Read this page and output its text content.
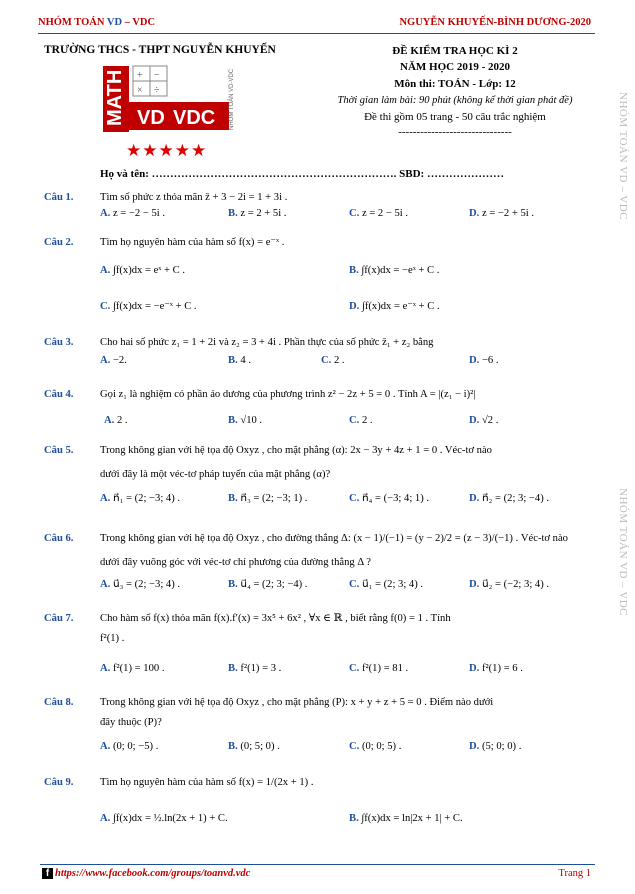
NHÓM TOÁN VD – VDC	NGUYỄN KHUYẾN-BÌNH DƯƠNG-2020
TRƯỜNG THCS - THPT NGUYỄN KHUYẾN
MATH + −
× ÷
VD VDC NHÓM TOÁN VD-VDC
★★★★★
ĐỀ KIỂM TRA HỌC KÌ 2
NĂM HỌC 2019 - 2020
Môn thi: TOÁN - Lớp: 12
Thời gian làm bài: 90 phút (không kể thời gian phát đề)
Đề thi gồm 05 trang - 50 câu trắc nghiệm
-------------------------------
Họ và tên: …………………………………………………………. SBD: …………………	NHÓM TOÁN VD – VDC
NHÓM TOÁN VD – VDC
Câu 1.	Tìm số phức z thỏa mãn z̄ + 3 − 2i = 1 + 3i .
A. z = −2 − 5i .	B. z = 2 + 5i .	C. z = 2 − 5i .	D. z = −2 + 5i .
Câu 2.	Tìm họ nguyên hàm của hàm số f(x) = e⁻ˣ .
A. ∫f(x)dx = eˣ + C .	B. ∫f(x)dx = −eˣ + C .
C. ∫f(x)dx = −e⁻ˣ + C .	D. ∫f(x)dx = e⁻ˣ + C .
Câu 3.	Cho hai số phức z₁ = 1 + 2i và z₂ = 3 + 4i . Phần thực của số phức z̄₁ + z₂ bằng
A. −2.	B. 4 .	C. 2 .	D. −6 .
Câu 4.	Gọi z₁ là nghiệm có phần ảo dương của phương trình z² − 2z + 5 = 0 . Tính A = |(z₁ − i)²|
A. 2 .	B. √10 .	C. 2 .	D. √2 .
Câu 5.	Trong không gian với hệ tọa độ Oxyz , cho mặt phẳng (α): 2x − 3y + 4z + 1 = 0 . Véc-tơ nào
dưới đây là một véc-tơ pháp tuyến của mặt phẳng (α)?
A. n⃗₁ = (2; −3; 4) .	B. n⃗₃ = (2; −3; 1) .	C. n⃗₄ = (−3; 4; 1) .	D. n⃗₂ = (2; 3; −4) .
Câu 6.	Trong không gian với hệ tọa độ Oxyz , cho đường thẳng Δ: (x − 1)/(−1) = (y − 2)/2 = (z − 3)/(−1) . Véc-tơ nào
dưới đây vuông góc với véc-tơ chỉ phương của đường thẳng Δ ?
A. u⃗₃ = (2; −3; 4) .	B. u⃗₄ = (2; 3; −4) .	C. u⃗₁ = (2; 3; 4) .	D. u⃗₂ = (−2; 3; 4) .
Câu 7.	Cho hàm số f(x) thỏa mãn f(x).f′(x) = 3x⁵ + 6x² , ∀x ∈ ℝ , biết rằng f(0) = 1 . Tính
f²(1) .
A. f²(1) = 100 .	B. f²(1) = 3 .	C. f²(1) = 81 .	D. f²(1) = 6 .
Câu 8.	Trong không gian với hệ tọa độ Oxyz , cho mặt phẳng (P): x + y + z + 5 = 0 . Điểm nào dưới
đây thuộc (P)?
A. (0; 0; −5) .	B. (0; 5; 0) .	C. (0; 0; 5) .	D. (5; 0; 0) .
Câu 9.	Tìm họ nguyên hàm của hàm số f(x) = 1/(2x + 1) .
A. ∫f(x)dx = ½.ln(2x + 1) + C.	B. ∫f(x)dx = ln|2x + 1| + C.
f https://www.facebook.com/groups/toanvd.vdc	Trang 1
